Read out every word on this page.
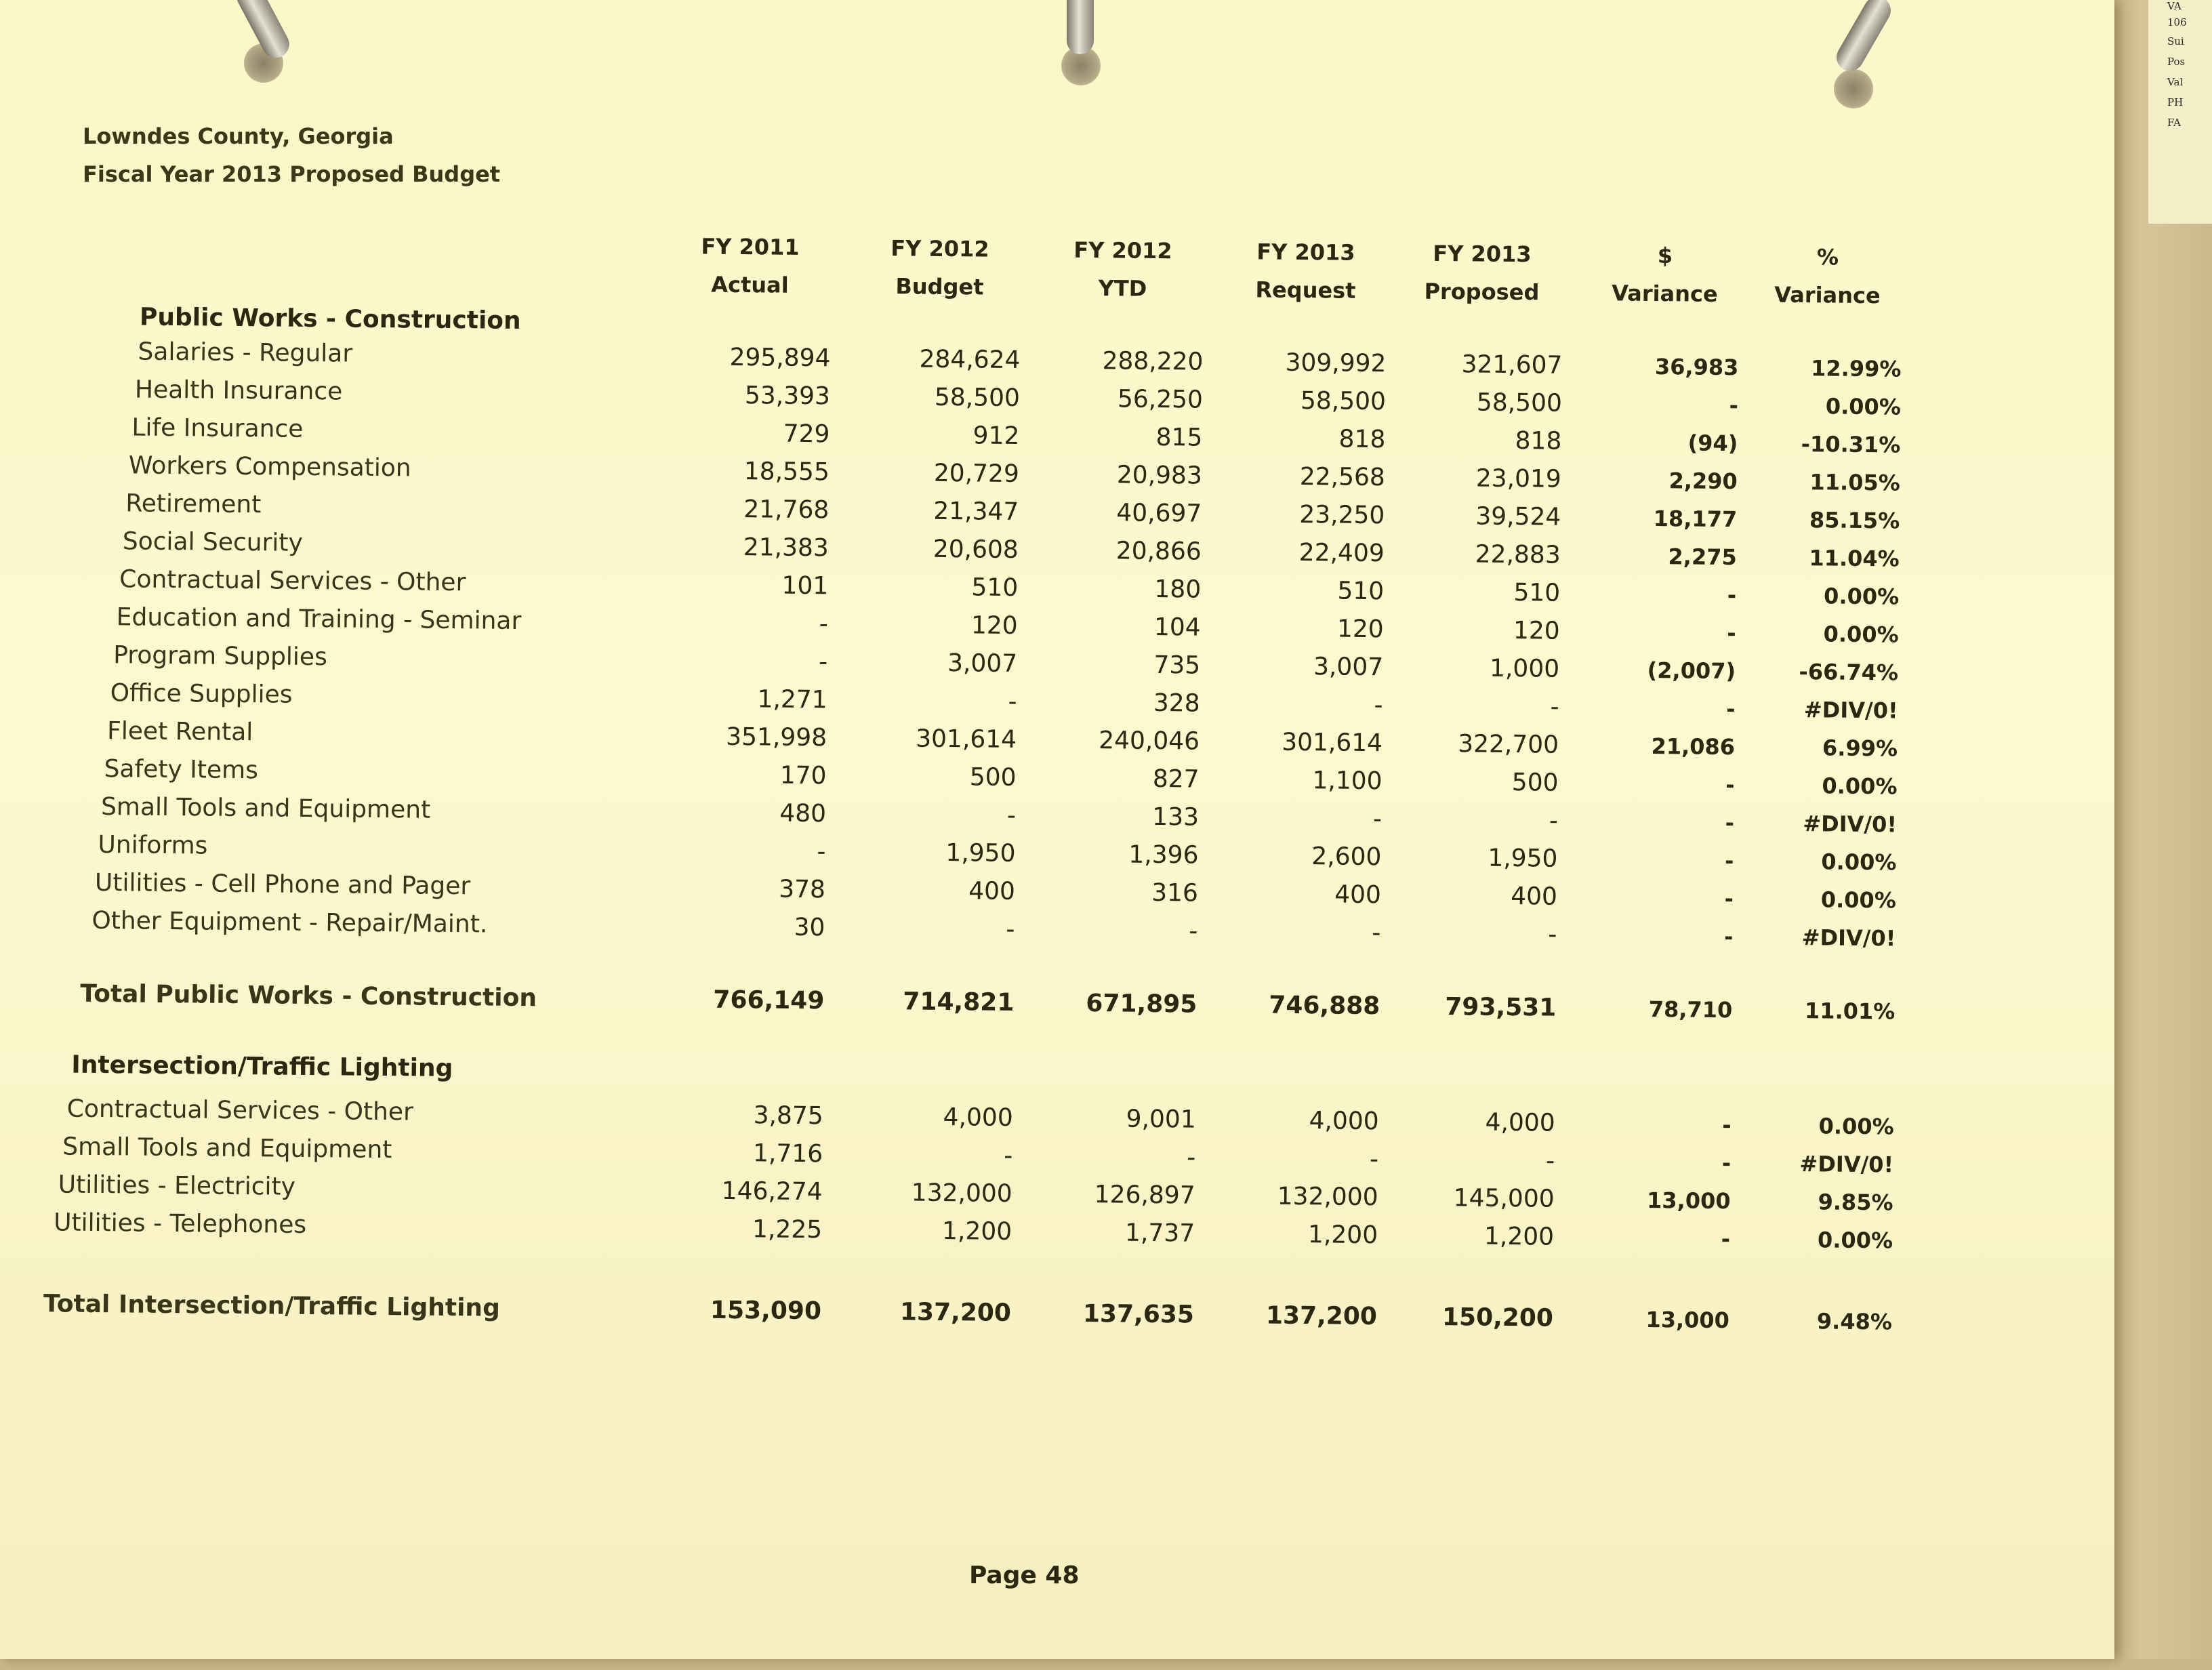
VA
106
Sui
Pos
Val
PH
FA
Lowndes County, Georgia
Fiscal Year 2013 Proposed Budget
FY 2011
Actual
FY 2012
Budget
FY 2012
YTD
FY 2013
Request
FY 2013
Proposed
$
Variance
%
Variance
Public Works - Construction
Salaries - Regular	295,894	284,624	288,220	309,992	321,607	36,983	12.99%
Health Insurance	53,393	58,500	56,250	58,500	58,500	-	0.00%
Life Insurance	729	912	815	818	818	(94)	-10.31%
Workers Compensation	18,555	20,729	20,983	22,568	23,019	2,290	11.05%
Retirement	21,768	21,347	40,697	23,250	39,524	18,177	85.15%
Social Security	21,383	20,608	20,866	22,409	22,883	2,275	11.04%
Contractual Services - Other	101	510	180	510	510	-	0.00%
Education and Training - Seminar	-	120	104	120	120	-	0.00%
Program Supplies	-	3,007	735	3,007	1,000	(2,007)	-66.74%
Office Supplies	1,271	-	328	-	-	-	#DIV/0!
Fleet Rental	351,998	301,614	240,046	301,614	322,700	21,086	6.99%
Safety Items	170	500	827	1,100	500	-	0.00%
Small Tools and Equipment	480	-	133	-	-	-	#DIV/0!
Uniforms	-	1,950	1,396	2,600	1,950	-	0.00%
Utilities - Cell Phone and Pager	378	400	316	400	400	-	0.00%
Other Equipment - Repair/Maint.	30	-	-	-	-	-	#DIV/0!
Total Public Works - Construction	766,149	714,821	671,895	746,888	793,531	78,710	11.01%
Intersection/Traffic Lighting
Contractual Services - Other	3,875	4,000	9,001	4,000	4,000	-	0.00%
Small Tools and Equipment	1,716	-	-	-	-	-	#DIV/0!
Utilities - Electricity	146,274	132,000	126,897	132,000	145,000	13,000	9.85%
Utilities - Telephones	1,225	1,200	1,737	1,200	1,200	-	0.00%
Total Intersection/Traffic Lighting	153,090	137,200	137,635	137,200	150,200	13,000	9.48%
Page 48
